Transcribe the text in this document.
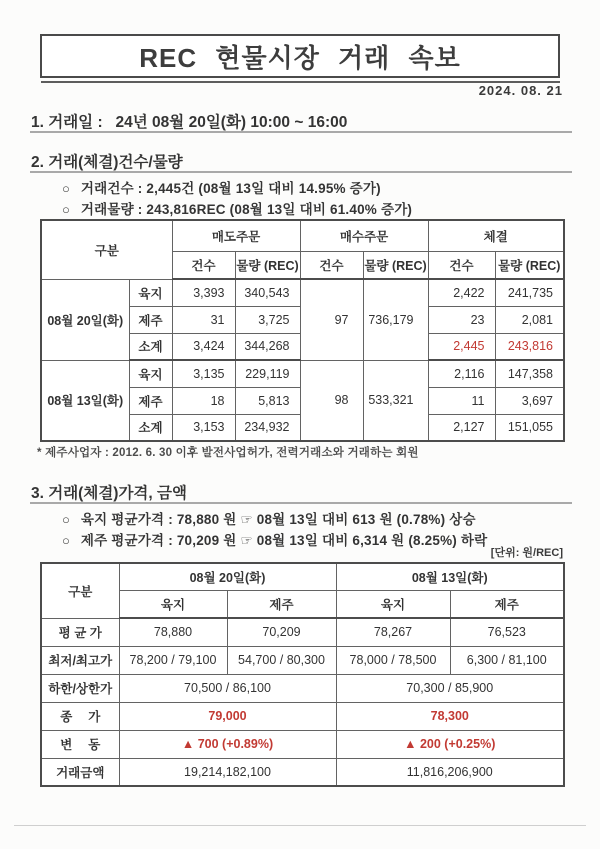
REC 현물시장 거래 속보
2024. 08. 21
1. 거래일 :   24년 08월 20일(화) 10:00 ~ 16:00
2. 거래(체결)건수/물량
○ 거래건수 : 2,445건 (08월 13일 대비 14.95% 증가)
○ 거래물량 : 243,816REC (08월 13일 대비 61.40% 증가)
구분		매도주문		매수주문		체결	
		건수	물량 (REC)	건수	물량 (REC)	건수	물량 (REC)
08월 20일(화)	육지	3,393	340,543	97	736,179	2,422	241,735
	제주	31	3,725			23	2,081
	소계	3,424	344,268			2,445	243,816
08월 13일(화)	육지	3,135	229,119	98	533,321	2,116	147,358
	제주	18	5,813			11	3,697
	소계	3,153	234,932			2,127	151,055
* 제주사업자 : 2012. 6. 30 이후 발전사업허가, 전력거래소와 거래하는 회원
3. 거래(체결)가격, 금액
○ 육지 평균가격 : 78,880 원 ☞ 08월 13일 대비 613 원 (0.78%) 상승
○ 제주 평균가격 : 70,209 원 ☞ 08월 13일 대비 6,314 원 (8.25%) 하락
[단위: 원/REC]
구분	08월 20일(화)		08월 13일(화)	
	육지	제주	육지	제주
평 균 가	78,880	70,209	78,267	76,523
최저/최고가	78,200 / 79,100	54,700 / 80,300	78,000 / 78,500	6,300 / 81,100
하한/상한가	70,500 / 86,100		70,300 / 85,900	
종　 가	79,000		78,300	
변　 동	▲ 700 (+0.89%)		▲ 200 (+0.25%)	
거래금액	19,214,182,100		11,816,206,900	
